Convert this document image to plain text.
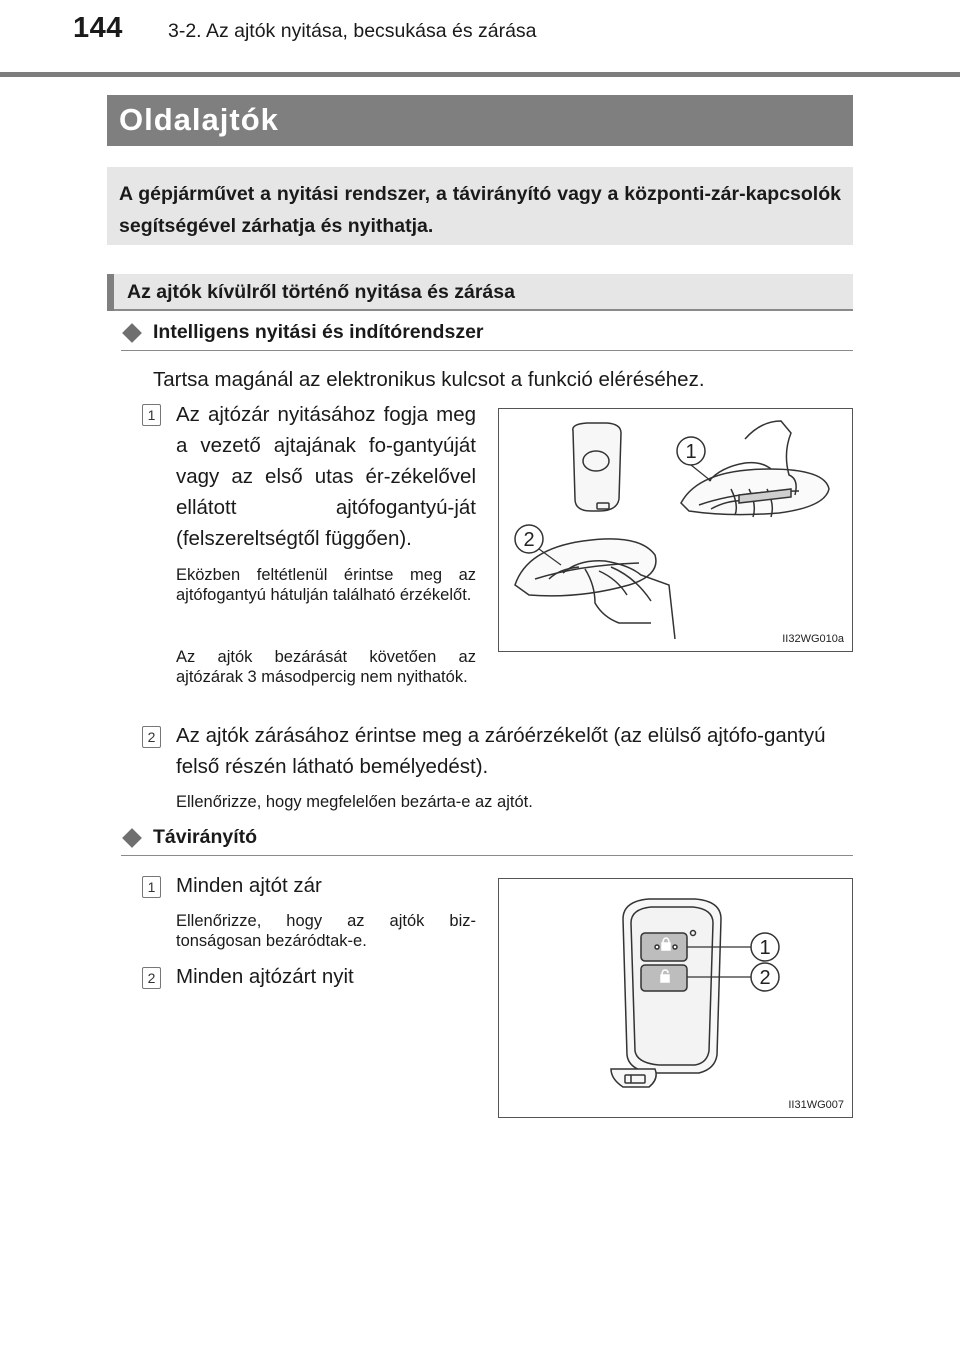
144 3-2. Az ajtók nyitása, becsukása és zárása
Oldalajtók
A gépjárművet a nyitási rendszer, a távirányító vagy a központi-zár-kapcsolók segítségével zárhatja és nyithatja.
Az ajtók kívülről történő nyitása és zárása
Intelligens nyitási és indítórendszer
Tartsa magánál az elektronikus kulcsot a funkció eléréséhez.
1 Az ajtózár nyitásához fogja meg a vezető ajtajának fo-gantyúját vagy az első utas ér-zékelővel ellátott ajtófogantyú-ját (felszereltségtől függően).
Eközben feltétlenül érintse meg az ajtófogantyú hátulján található érzékelőt.
Az ajtók bezárását követően az ajtózárak 3 másodpercig nem nyithatók.
1
2
II32WG010a
2 Az ajtók zárásához érintse meg a záróérzékelőt (az elülső ajtófo-gantyú felső részén látható bemélyedést).
Ellenőrizze, hogy megfelelően bezárta-e az ajtót.
Távirányító
1 Minden ajtót zár
Ellenőrizze, hogy az ajtók biz-tonságosan bezáródtak-e.
2 Minden ajtózárt nyit
1
2
II31WG007
